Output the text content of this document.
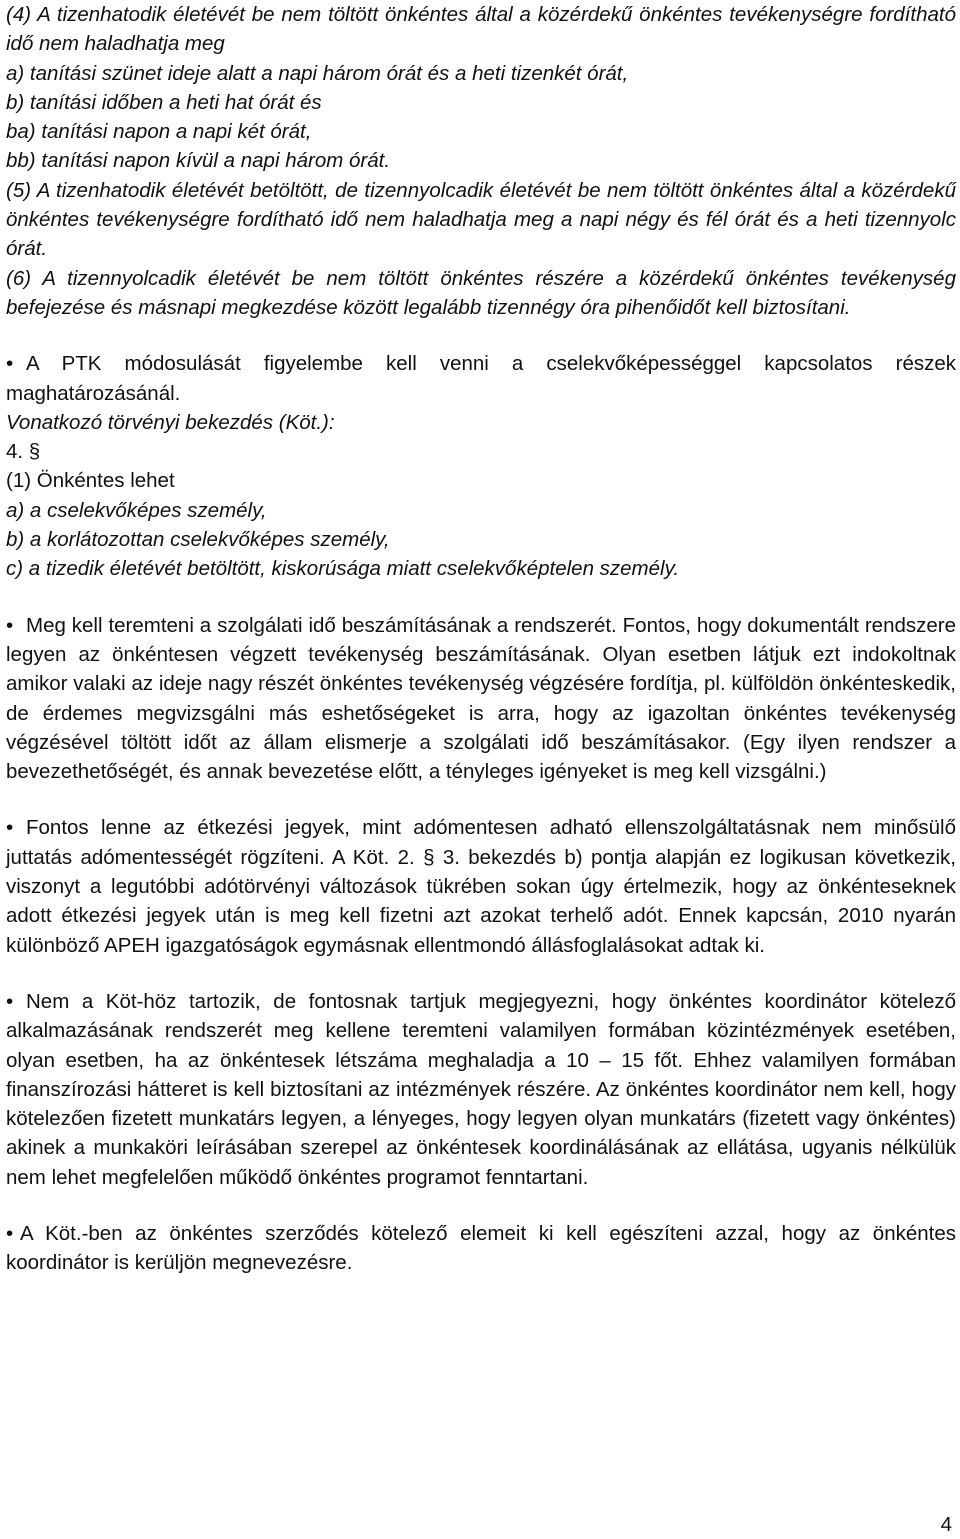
(4) A tizenhatodik életévét be nem töltött önkéntes által a közérdekű önkéntes tevékenységre fordítható idő nem haladhatja meg

a) tanítási szünet ideje alatt a napi három órát és a heti tizenkét órát,

b) tanítási időben a heti hat órát és

ba) tanítási napon a napi két órát,

bb) tanítási napon kívül a napi három órát.

(5) A tizenhatodik életévét betöltött, de tizennyolcadik életévét be nem töltött önkéntes által a közérdekű önkéntes tevékenységre fordítható idő nem haladhatja meg a napi négy és fél órát és a heti tizennyolc órát.

(6) A tizennyolcadik életévét be nem töltött önkéntes részére a közérdekű önkéntes tevékenység befejezése és másnapi megkezdése között legalább tizennégy óra pihenőidőt kell biztosítani.

• A PTK módosulását figyelembe kell venni a cselekvőképességgel kapcsolatos részek maghatározásánál.

Vonatkozó törvényi bekezdés (Köt.):

4. §

(1) Önkéntes lehet

a) a cselekvőképes személy,

b) a korlátozottan cselekvőképes személy,

c) a tizedik életévét betöltött, kiskorúsága miatt cselekvőképtelen személy.

• Meg kell teremteni a szolgálati idő beszámításának a rendszerét. Fontos, hogy dokumentált rendszere legyen az önkéntesen végzett tevékenység beszámításának. Olyan esetben látjuk ezt indokoltnak amikor valaki az ideje nagy részét önkéntes tevékenység végzésére fordítja, pl. külföldön önkénteskedik, de érdemes megvizsgálni más eshetőségeket is arra, hogy az igazoltan önkéntes tevékenység végzésével töltött időt az állam elismerje a szolgálati idő beszámításakor. (Egy ilyen rendszer a bevezethetőségét, és annak bevezetése előtt, a tényleges igényeket is meg kell vizsgálni.)

• Fontos lenne az étkezési jegyek, mint adómentesen adható ellenszolgáltatásnak nem minősülő juttatás adómentességét rögzíteni. A Köt. 2. § 3. bekezdés b) pontja alapján ez logikusan következik, viszonyt a legutóbbi adótörvényi változások tükrében sokan úgy értelmezik, hogy az önkénteseknek adott étkezési jegyek után is meg kell fizetni azt azokat terhelő adót. Ennek kapcsán, 2010 nyarán különböző APEH igazgatóságok egymásnak ellentmondó állásfoglalásokat adtak ki.

• Nem a Köt-höz tartozik, de fontosnak tartjuk megjegyezni, hogy önkéntes koordinátor kötelező alkalmazásának rendszerét meg kellene teremteni valamilyen formában közintézmények esetében, olyan esetben, ha az önkéntesek létszáma meghaladja a 10 – 15 főt. Ehhez valamilyen formában finanszírozási hátteret is kell biztosítani az intézmények részére. Az önkéntes koordinátor nem kell, hogy kötelezően fizetett munkatárs legyen, a lényeges, hogy legyen olyan munkatárs (fizetett vagy önkéntes) akinek a munkaköri leírásában szerepel az önkéntesek koordinálásának az ellátása, ugyanis nélkülük nem lehet megfelelően működő önkéntes programot fenntartani.

• A Köt.-ben az önkéntes szerződés kötelező elemeit ki kell egészíteni azzal, hogy az önkéntes koordinátor is kerüljön megnevezésre.

4
